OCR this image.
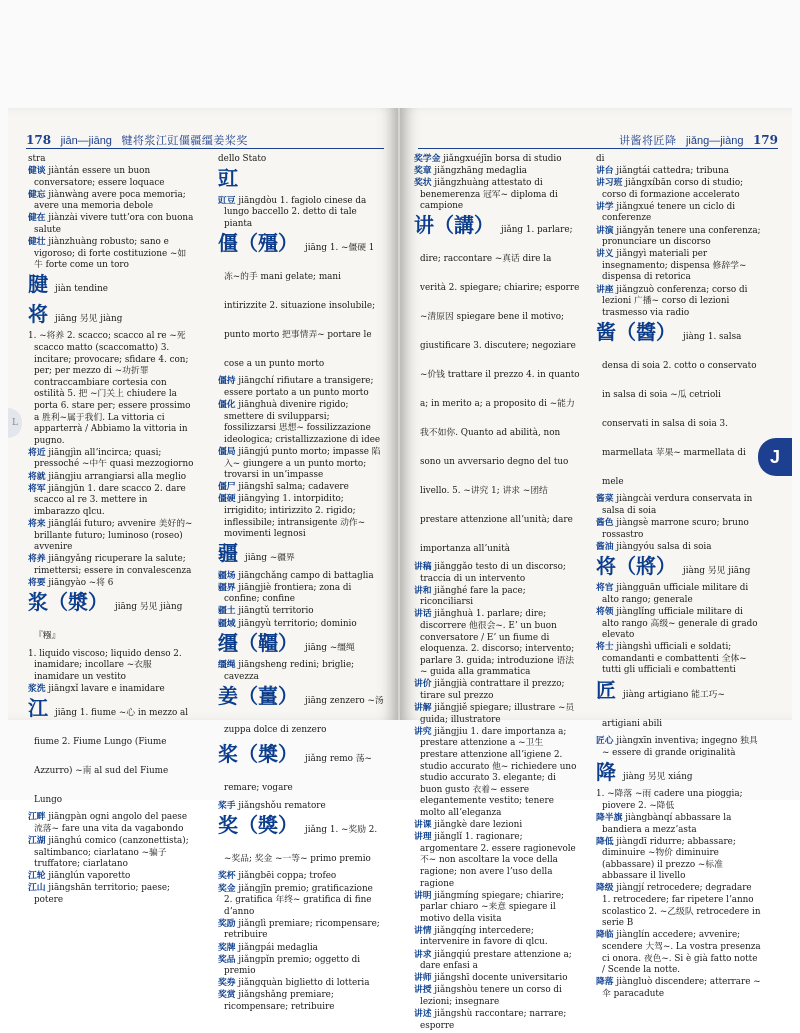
178 jiān—jiāng 犍将浆江豇僵疆缰姜桨奖
stra
健谈 jiàntán essere un buon conversatore; essere loquace
健忘 jiànwàng avere poca memoria; avere una memoria debole
健在 jiànzài vivere tuttʼora con buona salute
健壮 jiànzhuàng robusto; sano e vigoroso; di forte costituzione ~如牛 forte come un toro
腱 jiàn tendine
将 jiāng 另见 jiàng
1. ~将养 2. scacco; scacco al re ~死 scacco matto (scaccomatto) 3. incitare; provocare; sfidare 4. con; per; per mezzo di ~功折罪 contraccambiare cortesia con ostilità 5. 把 ~门关上 chiudere la porta 6. stare per; essere prossimo a 胜利~属于我们. La vittoria ci apparterrà / Abbiamo la vittoria in pugno.
将近 jiāngjìn allʼincirca; quasi; pressoché ~中午 quasi mezzogiorno
将就 jiāngjiu arrangiarsi alla meglio
将军 jiāngjūn 1. dare scacco 2. dare scacco al re 3. mettere in imbarazzo qlcu.
将来 jiānglái futuro; avvenire 美好的~ brillante futuro; luminoso (roseo) avvenire
将养 jiāngyǎng ricuperare la salute; rimettersi; essere in convalescenza
将要 jiāngyào ~将 6
浆（漿） jiāng 另见 jiàng 『糨』
1. liquido viscoso; liquido denso 2. inamidare; incollare ~衣服 inamidare un vestito
浆洗 jiāngxǐ lavare e inamidare
江 jiāng 1. fiume ~心 in mezzo al fiume 2. Fiume Lungo (Fiume Azzurro) ~南 al sud del Fiume Lungo
江畔 jiāngpàn ogni angolo del paese 流落~ fare una vita da vagabondo
江湖 jiānghú comico (canzonettista); saltimbanco; ciarlatano ~骗子 truffatore; ciarlatano
江轮 jiānglún vaporetto
江山 jiāngshān territorio; paese; potere
dello Stato
豇
豇豆 jiāngdòu 1. fagiolo cinese da lungo baccello 2. detto di tale pianta
僵（殭） jiāng 1. ~僵硬 1 冻~的手 mani gelate; mani intirizzite 2. situazione insolubile; punto morto 把事情弄~ portare le cose a un punto morto
僵持 jiāngchí rifiutare a transigere; essere portato a un punto morto
僵化 jiānghuà divenire rigido; smettere di svilupparsi; fossilizzarsi 思想~ fossilizzazione ideologica; cristallizzazione di idee
僵局 jiāngjú punto morto; impasse 陷入~ giungere a un punto morto; trovarsi in unʼimpasse
僵尸 jiāngshī salma; cadavere
僵硬 jiāngyìng 1. intorpidito; irrigidito; intirizzito 2. rigido; inflessibile; intransigente 动作~ movimenti legnosi
疆 jiāng ~疆界
疆场 jiāngchǎng campo di battaglia
疆界 jiāngjiè frontiera; zona di confine; confine
疆土 jiāngtǔ territorio
疆域 jiāngyù territorio; dominio
缰（韁） jiāng ~缰绳
缰绳 jiāngsheng redini; briglie; cavezza
姜（薑） jiāng zenzero ~汤 zuppa dolce di zenzero
桨（槳） jiǎng remo 荡~ remare; vogare
桨手 jiǎngshǒu rematore
奖（獎） jiǎng 1. ~奖励 2. ~奖品; 奖金 ~一等~ primo premio
奖杯 jiǎngbēi coppa; trofeo
奖金 jiǎngjīn premio; gratificazione 2. gratifica 年终~ gratifica di fine dʼanno
奖励 jiǎnglì premiare; ricompensare; retribuire
奖牌 jiǎngpái medaglia
奖品 jiǎngpǐn premio; oggetto di premio
奖券 jiǎngquàn biglietto di lotteria
奖赏 jiǎngshǎng premiare; ricompensare; retribuire
L
讲酱将匠降 jiǎng—jiàng 179
奖学金 jiǎngxuéjīn borsa di studio
奖章 jiǎngzhāng medaglia
奖状 jiǎngzhuàng attestato di benemerenza 冠军~ diploma di campione
讲（講） jiǎng 1. parlare; dire; raccontare ~真话 dire la verità 2. spiegare; chiarire; esporre ~清原因 spiegare bene il motivo; giustificare 3. discutere; negoziare ~价钱 trattare il prezzo 4. in quanto a; in merito a; a proposito di ~能力我不如你. Quanto ad abilità, non sono un avversario degno del tuo livello. 5. ~讲究 1; 讲求 ~团结 prestare attenzione allʼunità; dare importanza allʼunità
讲稿 jiǎnggǎo testo di un discorso; traccia di un intervento
讲和 jiǎnghé fare la pace; riconciliarsi
讲话 jiǎnghuà 1. parlare; dire; discorrere 他很会~. Eʼ un buon conversatore / Eʼ un fiume di eloquenza. 2. discorso; intervento; parlare 3. guida; introduzione 语法~ guida alla grammatica
讲价 jiǎngjià contrattare il prezzo; tirare sul prezzo
讲解 jiǎngjiě spiegare; illustrare ~员 guida; illustratore
讲究 jiǎngjiu 1. dare importanza a; prestare attenzione a ~卫生 prestare attenzione allʼigiene 2. studio accurato 他~ richiedere uno studio accurato 3. elegante; di buon gusto 衣着~ essere elegantemente vestito; tenere molto allʼeleganza
讲课 jiǎngkè dare lezioni
讲理 jiǎnglǐ 1. ragionare; argomentare 2. essere ragionevole 不~ non ascoltare la voce della ragione; non avere lʼuso della ragione
讲明 jiǎngmíng spiegare; chiarire; parlar chiaro ~来意 spiegare il motivo della visita
讲情 jiǎngqíng intercedere; intervenire in favore di qlcu.
讲求 jiǎngqiú prestare attenzione a; dare enfasi a
讲师 jiǎngshī docente universitario
讲授 jiǎngshòu tenere un corso di lezioni; insegnare
讲述 jiǎngshù raccontare; narrare; esporre
di
讲台 jiǎngtái cattedra; tribuna
讲习班 jiǎngxíbān corso di studio; corso di formazione accelerato
讲学 jiǎngxué tenere un ciclo di conferenze
讲演 jiǎngyǎn tenere una conferenza; pronunciare un discorso
讲义 jiǎngyì materiali per insegnamento; dispensa 修辞学~ dispensa di retorica
讲座 jiǎngzuò conferenza; corso di lezioni 广播~ corso di lezioni trasmesso via radio
酱（醬） jiàng 1. salsa densa di soia 2. cotto o conservato in salsa di soia ~瓜 cetrioli conservati in salsa di soia 3. marmellata 苹果~ marmellata di mele
酱菜 jiàngcài verdura conservata in salsa di soia
酱色 jiàngsè marrone scuro; bruno rossastro
酱油 jiàngyóu salsa di soia
将（將） jiàng 另见 jiāng
将官 jiàngguān ufficiale militare di alto rango; generale
将领 jiànglǐng ufficiale militare di alto rango 高级~ generale di grado elevato
将士 jiàngshì ufficiali e soldati; comandanti e combattenti 全体~ tutti gli ufficiali e combattenti
匠 jiàng artigiano 能工巧~ artigiani abili
匠心 jiàngxīn inventiva; ingegno 独具~ essere di grande originalità
降 jiàng 另见 xiáng
1. ~降落 ~雨 cadere una pioggia; piovere 2. ~降低
降半旗 jiàngbànqí abbassare la bandiera a mezzʼasta
降低 jiàngdī ridurre; abbassare; diminuire ~物价 diminuire (abbassare) il prezzo ~标准 abbassare il livello
降级 jiàngjí retrocedere; degradare 1. retrocedere; far ripetere lʼanno scolastico 2. ~乙级队 retrocedere in serie B
降临 jiànglín accedere; avvenire; scendere 大驾~. La vostra presenza ci onora. 夜色~. Si è già fatto notte / Scende la notte.
降落 jiàngluò discendere; atterrare ~伞 paracadute
J
